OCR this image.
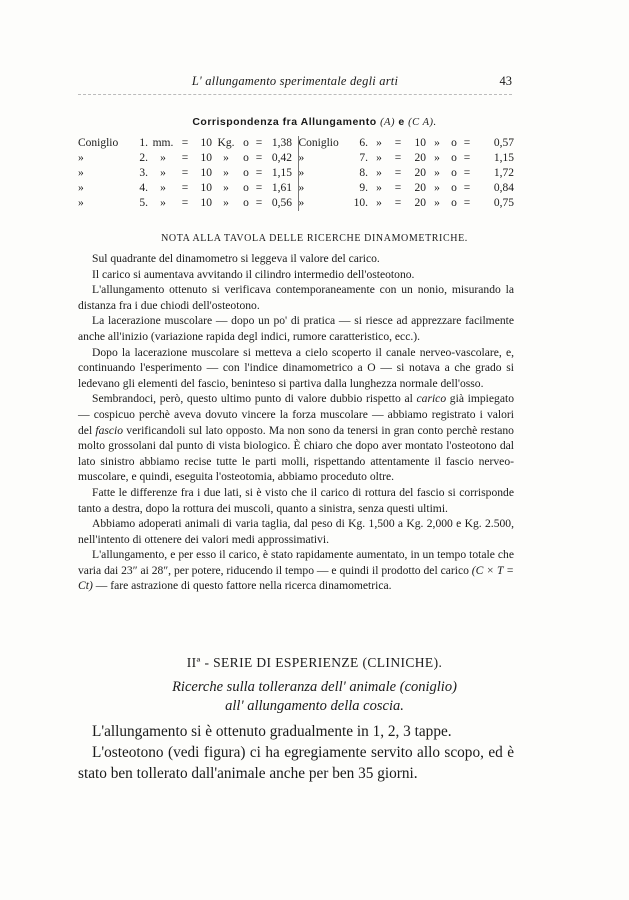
L' allungamento sperimentale degli arti	43
Corrispondenza fra Allungamento (A) e (C A).
Coniglio	1.	mm.	=	10	Kg.	o	=	1,38		Coniglio	6.	»	=	10	»	o	=	0,57
»	2.	»	=	10	»	o	=	0,42		»	7.	»	=	20	»	o	=	1,15
»	3.	»	=	10	»	o	=	1,15		»	8.	»	=	20	»	o	=	1,72
»	4.	»	=	10	»	o	=	1,61		»	9.	»	=	20	»	o	=	0,84
»	5.	»	=	10	»	o	=	0,56		»	10.	»	=	20	»	o	=	0,75
NOTA ALLA TAVOLA DELLE RICERCHE DINAMOMETRICHE.

Sul quadrante del dinamometro si leggeva il valore del carico.

Il carico si aumentava avvitando il cilindro intermedio dell'osteotono.

L'allungamento ottenuto si verificava contemporaneamente con un nonio, misurando la distanza fra i due chiodi dell'osteotono.

La lacerazione muscolare — dopo un po' di pratica — si riesce ad apprezzare facilmente anche all'inizio (variazione rapida degl indici, rumore caratteristico, ecc.).

Dopo la lacerazione muscolare si metteva a cielo scoperto il canale nerveo-vascolare, e, continuando l'esperimento — con l'indice dinamometrico a O — si notava a che grado si ledevano gli elementi del fascio, beninteso si partiva dalla lunghezza normale dell'osso.

Sembrandoci, però, questo ultimo punto di valore dubbio rispetto al carico già impiegato — cospicuo perchè aveva dovuto vincere la forza muscolare — abbiamo registrato i valori del fascio verificandoli sul lato opposto. Ma non sono da tenersi in gran conto perchè restano molto grossolani dal punto di vista biologico. È chiaro che dopo aver montato l'osteotono dal lato sinistro abbiamo recise tutte le parti molli, rispettando attentamente il fascio nerveo-muscolare, e quindi, eseguita l'osteotomia, abbiamo proceduto oltre.

Fatte le differenze fra i due lati, si è visto che il carico di rottura del fascio si corrisponde tanto a destra, dopo la rottura dei muscoli, quanto a sinistra, senza questi ultimi.

Abbiamo adoperati animali di varia taglia, dal peso di Kg. 1,500 a Kg. 2,000 e Kg. 2.500, nell'intento di ottenere dei valori medi approssimativi.

L'allungamento, e per esso il carico, è stato rapidamente aumentato, in un tempo totale che varia dai 23″ ai 28″, per potere, riducendo il tempo — e quindi il prodotto del carico (C × T = Ct) — fare astrazione di questo fattore nella ricerca dinamometrica.

IIª - SERIE DI ESPERIENZE (CLINICHE).
Ricerche sulla tolleranza dell' animale (coniglio)
all' allungamento della coscia.

L'allungamento si è ottenuto gradualmente in 1, 2, 3 tappe.

L'osteotono (vedi figura) ci ha egregiamente servito allo scopo, ed è stato ben tollerato dall'animale anche per ben 35 giorni.
